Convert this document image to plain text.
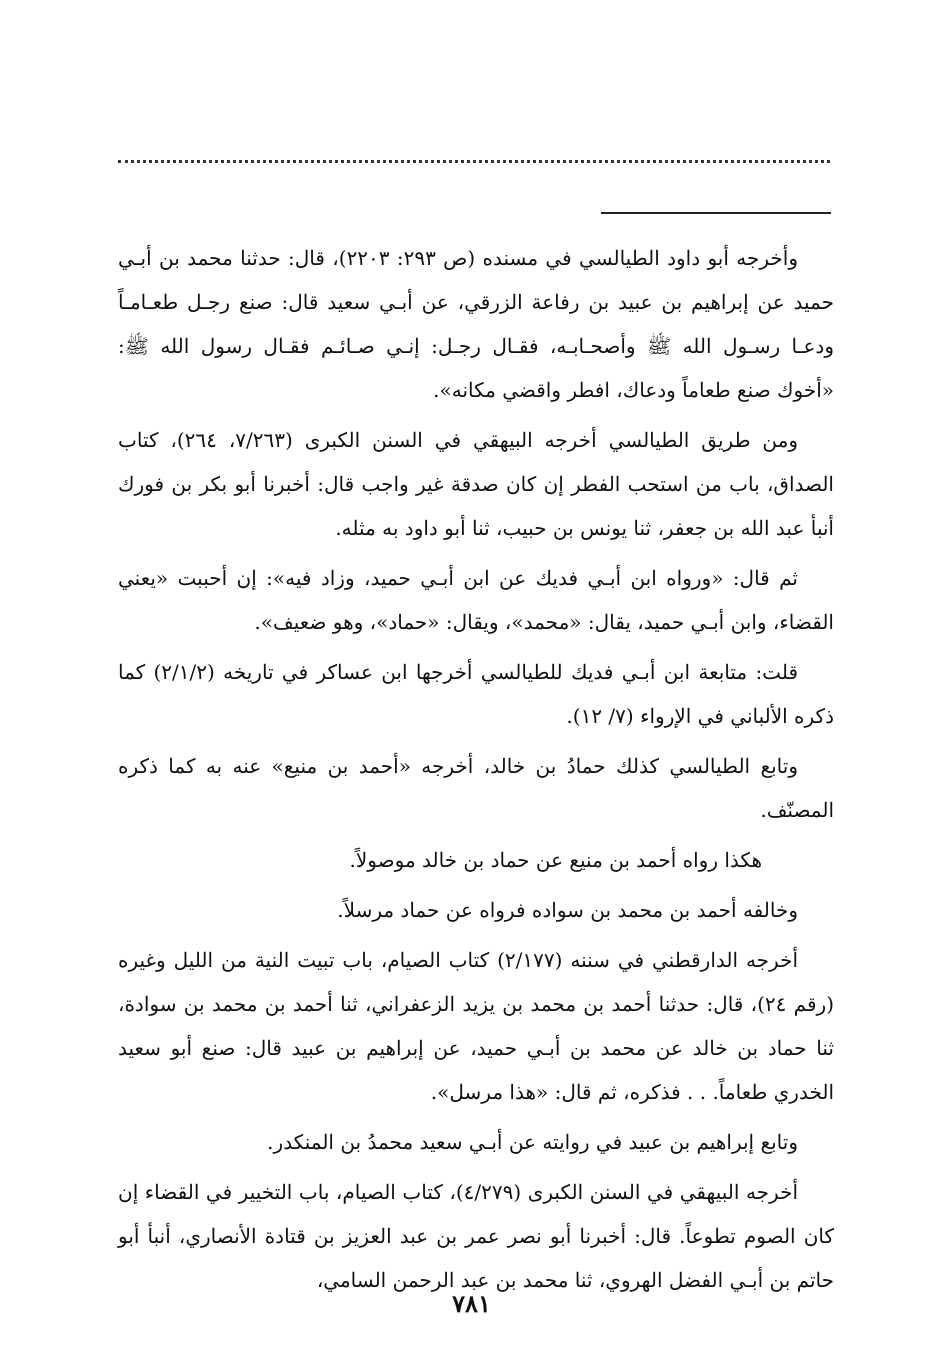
وأخرجه أبو داود الطيالسي في مسنده (ص ٢٩٣: ٢٢٠٣)، قال: حدثنا محمد بن أبـي حميد عن إبراهيم بن عبيد بن رفاعة الزرقي، عن أبـي سعيد قال: صنع رجـل طعـامـاً ودعـا رسـول الله ﷺ وأصحـابـه، فقـال رجـل: إنـي صـائـم فقـال رسول الله ﷺ: «أخوك صنع طعاماً ودعاك، افطر واقضي مكانه».

ومن طريق الطيالسي أخرجه البيهقي في السنن الكبرى (٧/٢٦٣، ٢٦٤)، كتاب الصداق، باب من استحب الفطر إن كان صدقة غير واجب قال: أخبرنا أبو بكر بن فورك أنبأ عبد الله بن جعفر، ثنا يونس بن حبيب، ثنا أبو داود به مثله.

ثم قال: «ورواه ابن أبـي فديك عن ابن أبـي حميد، وزاد فيه»: إن أحببت «يعني القضاء، وابن أبـي حميد، يقال: «محمد»، ويقال: «حماد»، وهو ضعيف».

قلت: متابعة ابن أبـي فديك للطيالسي أخرجها ابن عساكر في تاريخه (٢/١/٢) كما ذكره الألباني في الإرواء (٧/ ١٢).

وتابع الطيالسي كذلك حمادُ بن خالد، أخرجه «أحمد بن منيع» عنه به كما ذكره المصنّف.

هكذا رواه أحمد بن منيع عن حماد بن خالد موصولاً.

وخالفه أحمد بن محمد بن سواده فرواه عن حماد مرسلاً.

أخرجه الدارقطني في سننه (٢/١٧٧) كتاب الصيام، باب تبيت النية من الليل وغيره (رقم ٢٤)، قال: حدثنا أحمد بن محمد بن يزيد الزعفراني، ثنا أحمد بن محمد بن سوادة، ثنا حماد بن خالد عن محمد بن أبـي حميد، عن إبراهيم بن عبيد قال: صنع أبو سعيد الخدري طعاماً. . . فذكره، ثم قال: «هذا مرسل».

وتابع إبراهيم بن عبيد في روايته عن أبـي سعيد محمدُ بن المنكدر.

أخرجه البيهقي في السنن الكبرى (٤/٢٧٩)، كتاب الصيام، باب التخيير في القضاء إن كان الصوم تطوعاً. قال: أخبرنا أبو نصر عمر بن عبد العزيز بن قتادة الأنصاري، أنبأ أبو حاتم بن أبـي الفضل الهروي، ثنا محمد بن عبد الرحمن السامي،

٧٨١
